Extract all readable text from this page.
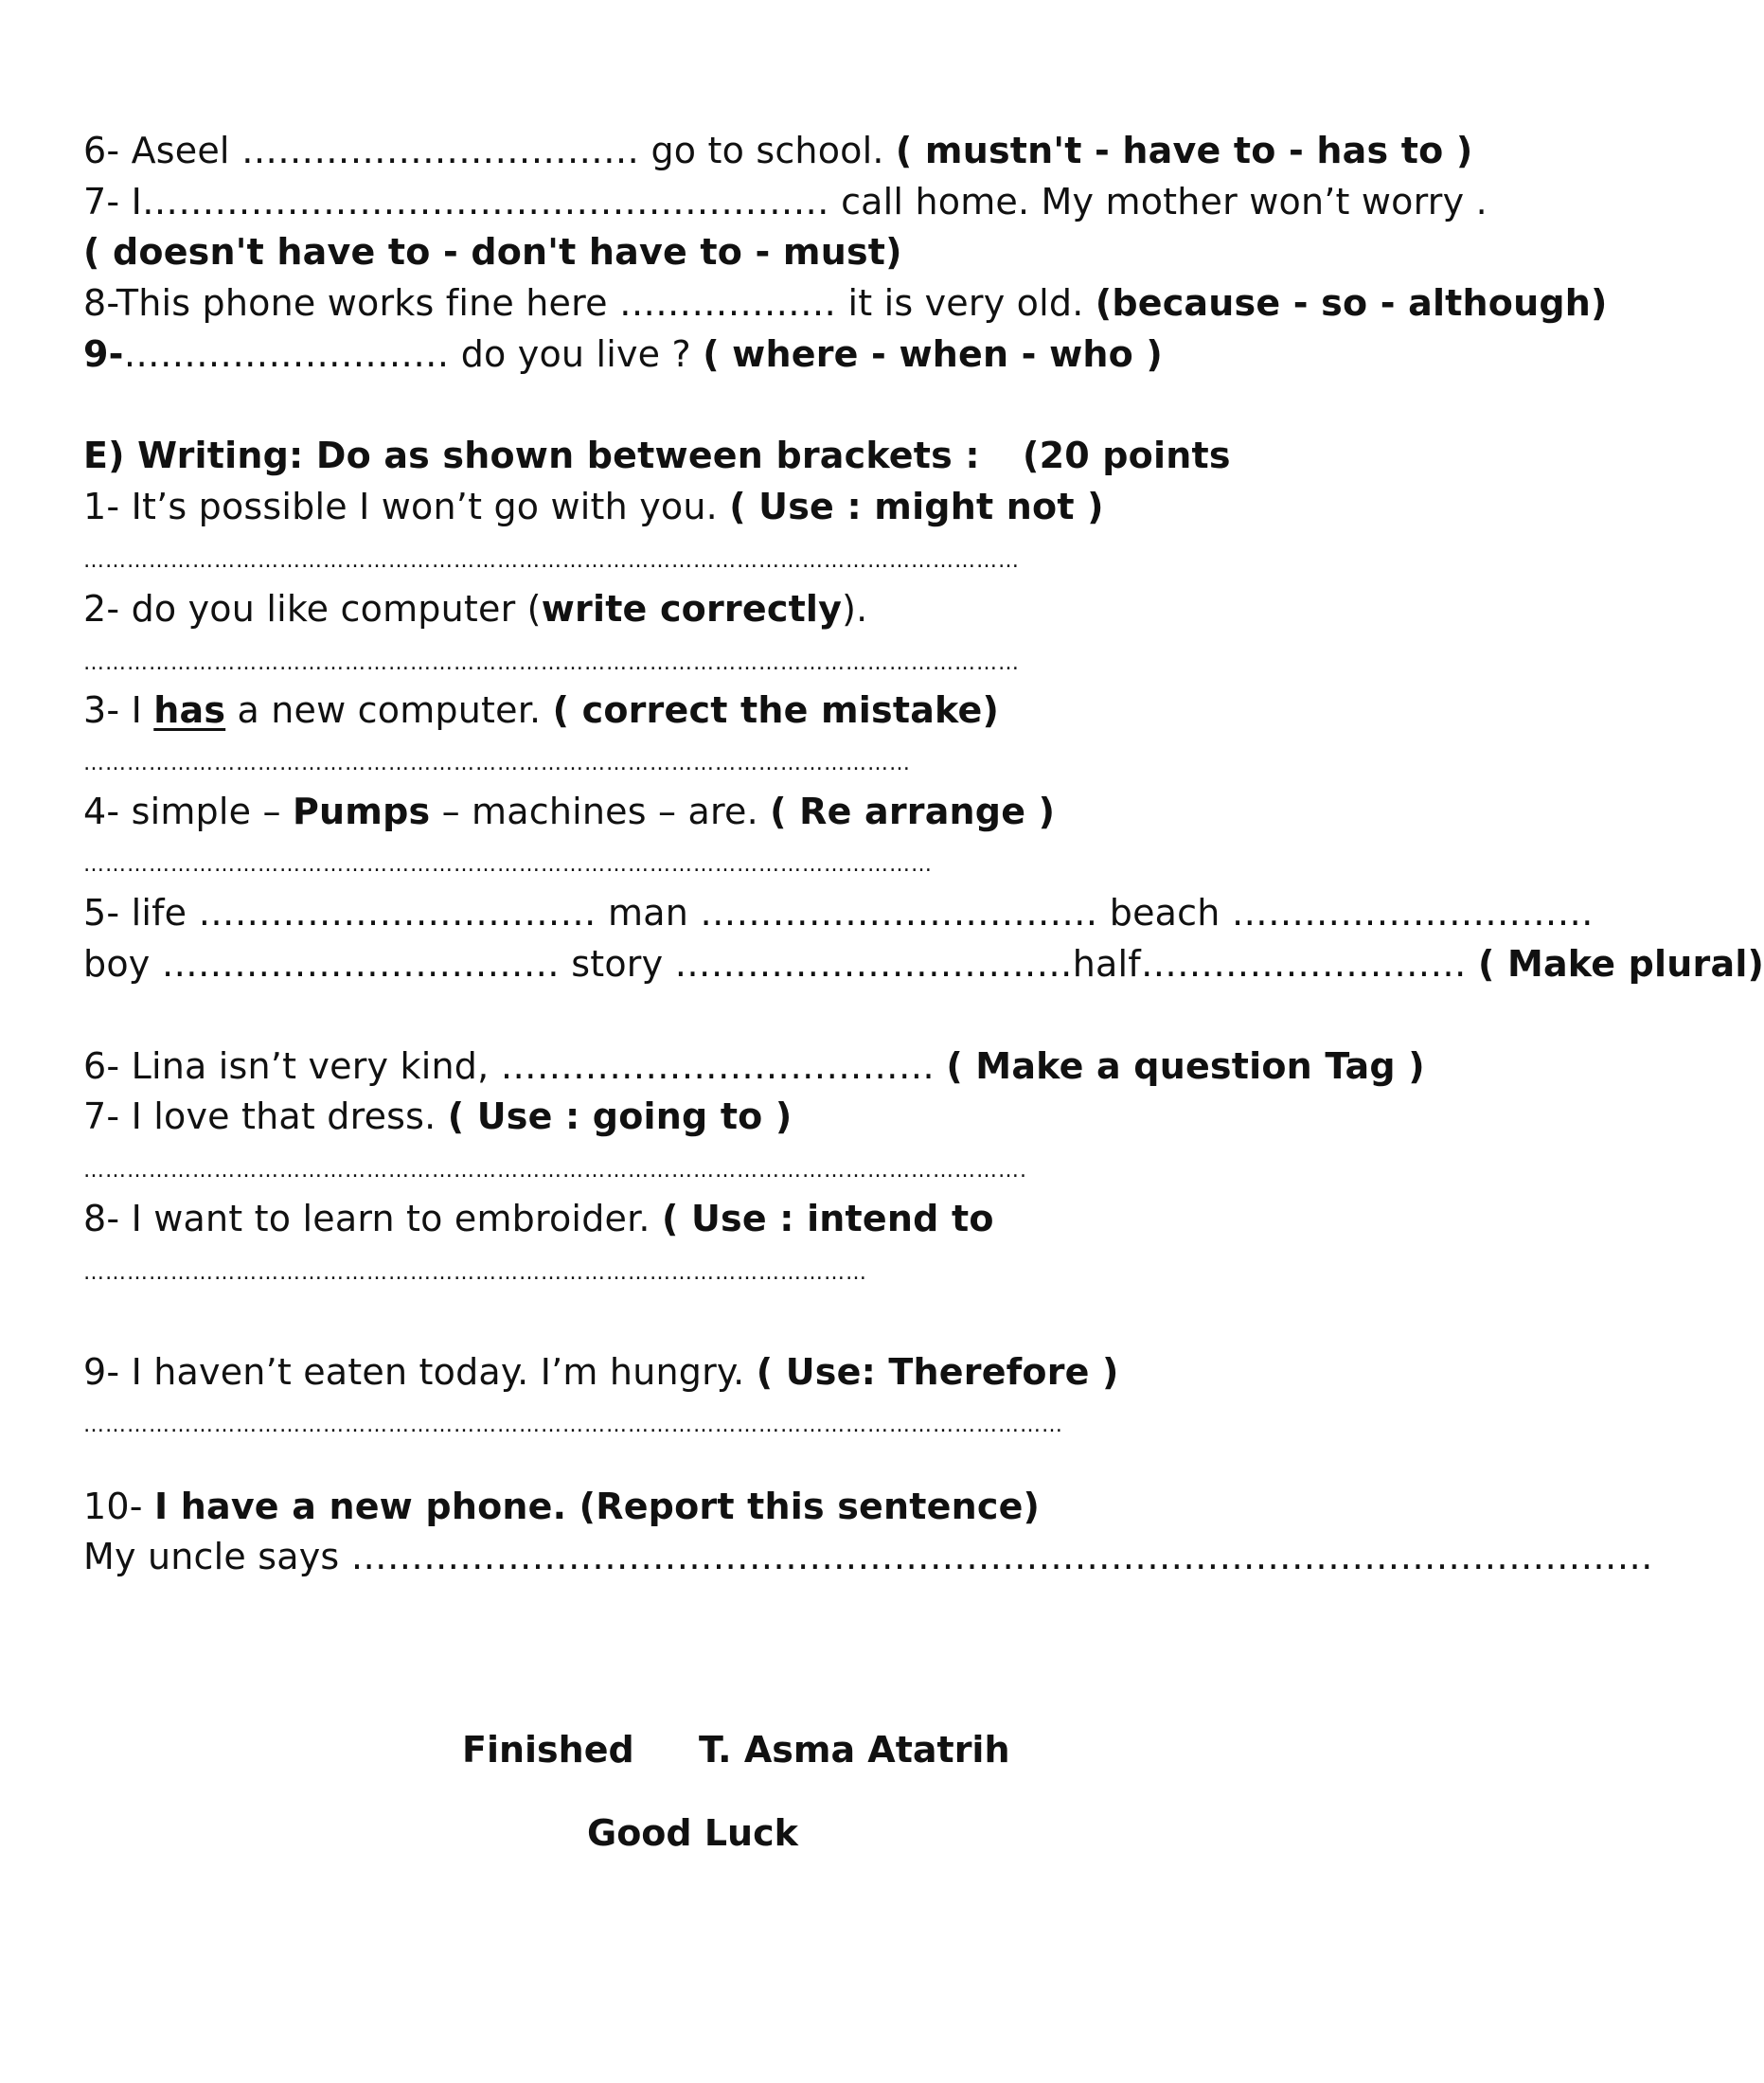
6- Aseel …………………………… go to school. ( mustn't - have to - has to )
7- I………………………………………………… call home. My mother won’t worry .
( doesn't have to - don't have to - must)
8-This phone works fine here ……………… it is very old. (because - so - although)
9-……………………… do you live ? ( where - when - who )
E) Writing: Do as shown between brackets : (20 points
1- It’s possible I won’t go with you. ( Use : might not )
…………………………………………………………………………………………………………………
2- do you like computer (write correctly).
…………………………………………………………………………………………………………………
3- I has a new computer. ( correct the mistake)
……………………………………………………………………………………………………
4- simple – Pumps – machines – are. ( Re arrange )
………………………………………………………………………………………………………
5- life …………………………… man …………………………… beach …………………………
boy …………………………… story ……………………………half……………………… ( Make plural)
6- Lina isn’t very kind, ……………………………… ( Make a question Tag )
7- I love that dress. ( Use : going to )
………………………………………………………………………………………………………………….
8- I want to learn to embroider. ( Use : intend to
………………………………………………………………………………………………
9- I haven’t eaten today. I’m hungry. ( Use: Therefore )
………………………………………………………………………………………………………………………
10- I have a new phone. (Report this sentence)
My uncle says ………………………………………………………………………………………………
Finished T. Asma Atatrih
Good Luck
